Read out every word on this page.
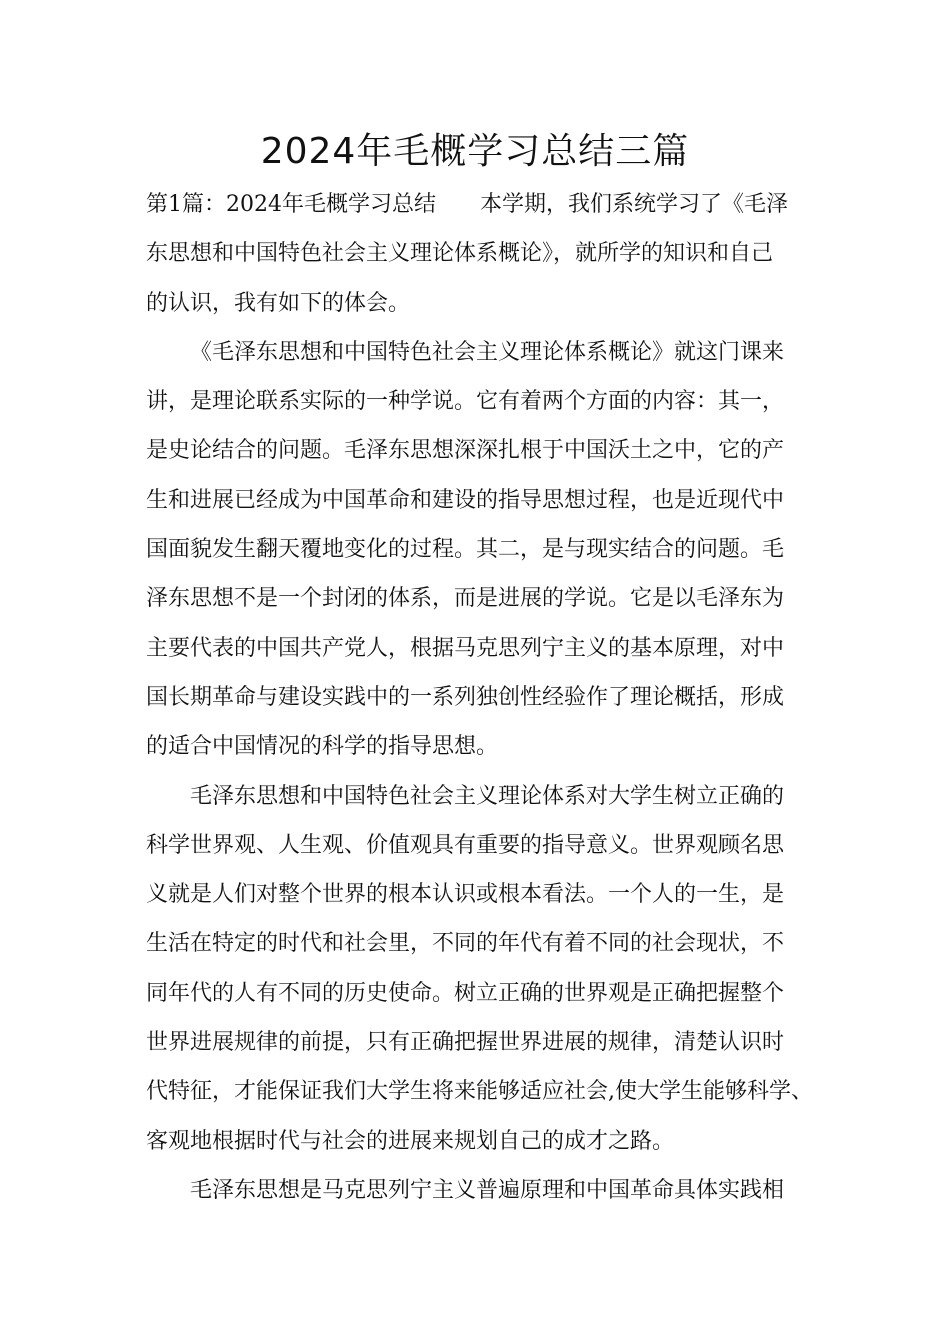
2024年毛概学习总结三篇
第1篇：2024年毛概学习总结　　本学期，我们系统学习了《毛泽
东思想和中国特色社会主义理论体系概论》，就所学的知识和自己
的认识，我有如下的体会。
《毛泽东思想和中国特色社会主义理论体系概论》就这门课来
讲，是理论联系实际的一种学说。它有着两个方面的内容：其一，
是史论结合的问题。毛泽东思想深深扎根于中国沃土之中，它的产
生和进展已经成为中国革命和建设的指导思想过程，也是近现代中
国面貌发生翻天覆地变化的过程。其二，是与现实结合的问题。毛
泽东思想不是一个封闭的体系，而是进展的学说。它是以毛泽东为
主要代表的中国共产党人，根据马克思列宁主义的基本原理，对中
国长期革命与建设实践中的一系列独创性经验作了理论概括，形成
的适合中国情况的科学的指导思想。
毛泽东思想和中国特色社会主义理论体系对大学生树立正确的
科学世界观、人生观、价值观具有重要的指导意义。世界观顾名思
义就是人们对整个世界的根本认识或根本看法。一个人的一生，是
生活在特定的时代和社会里，不同的年代有着不同的社会现状，不
同年代的人有不同的历史使命。树立正确的世界观是正确把握整个
世界进展规律的前提，只有正确把握世界进展的规律，清楚认识时
代特征，才能保证我们大学生将来能够适应社会,使大学生能够科学、
客观地根据时代与社会的进展来规划自己的成才之路。
毛泽东思想是马克思列宁主义普遍原理和中国革命具体实践相
